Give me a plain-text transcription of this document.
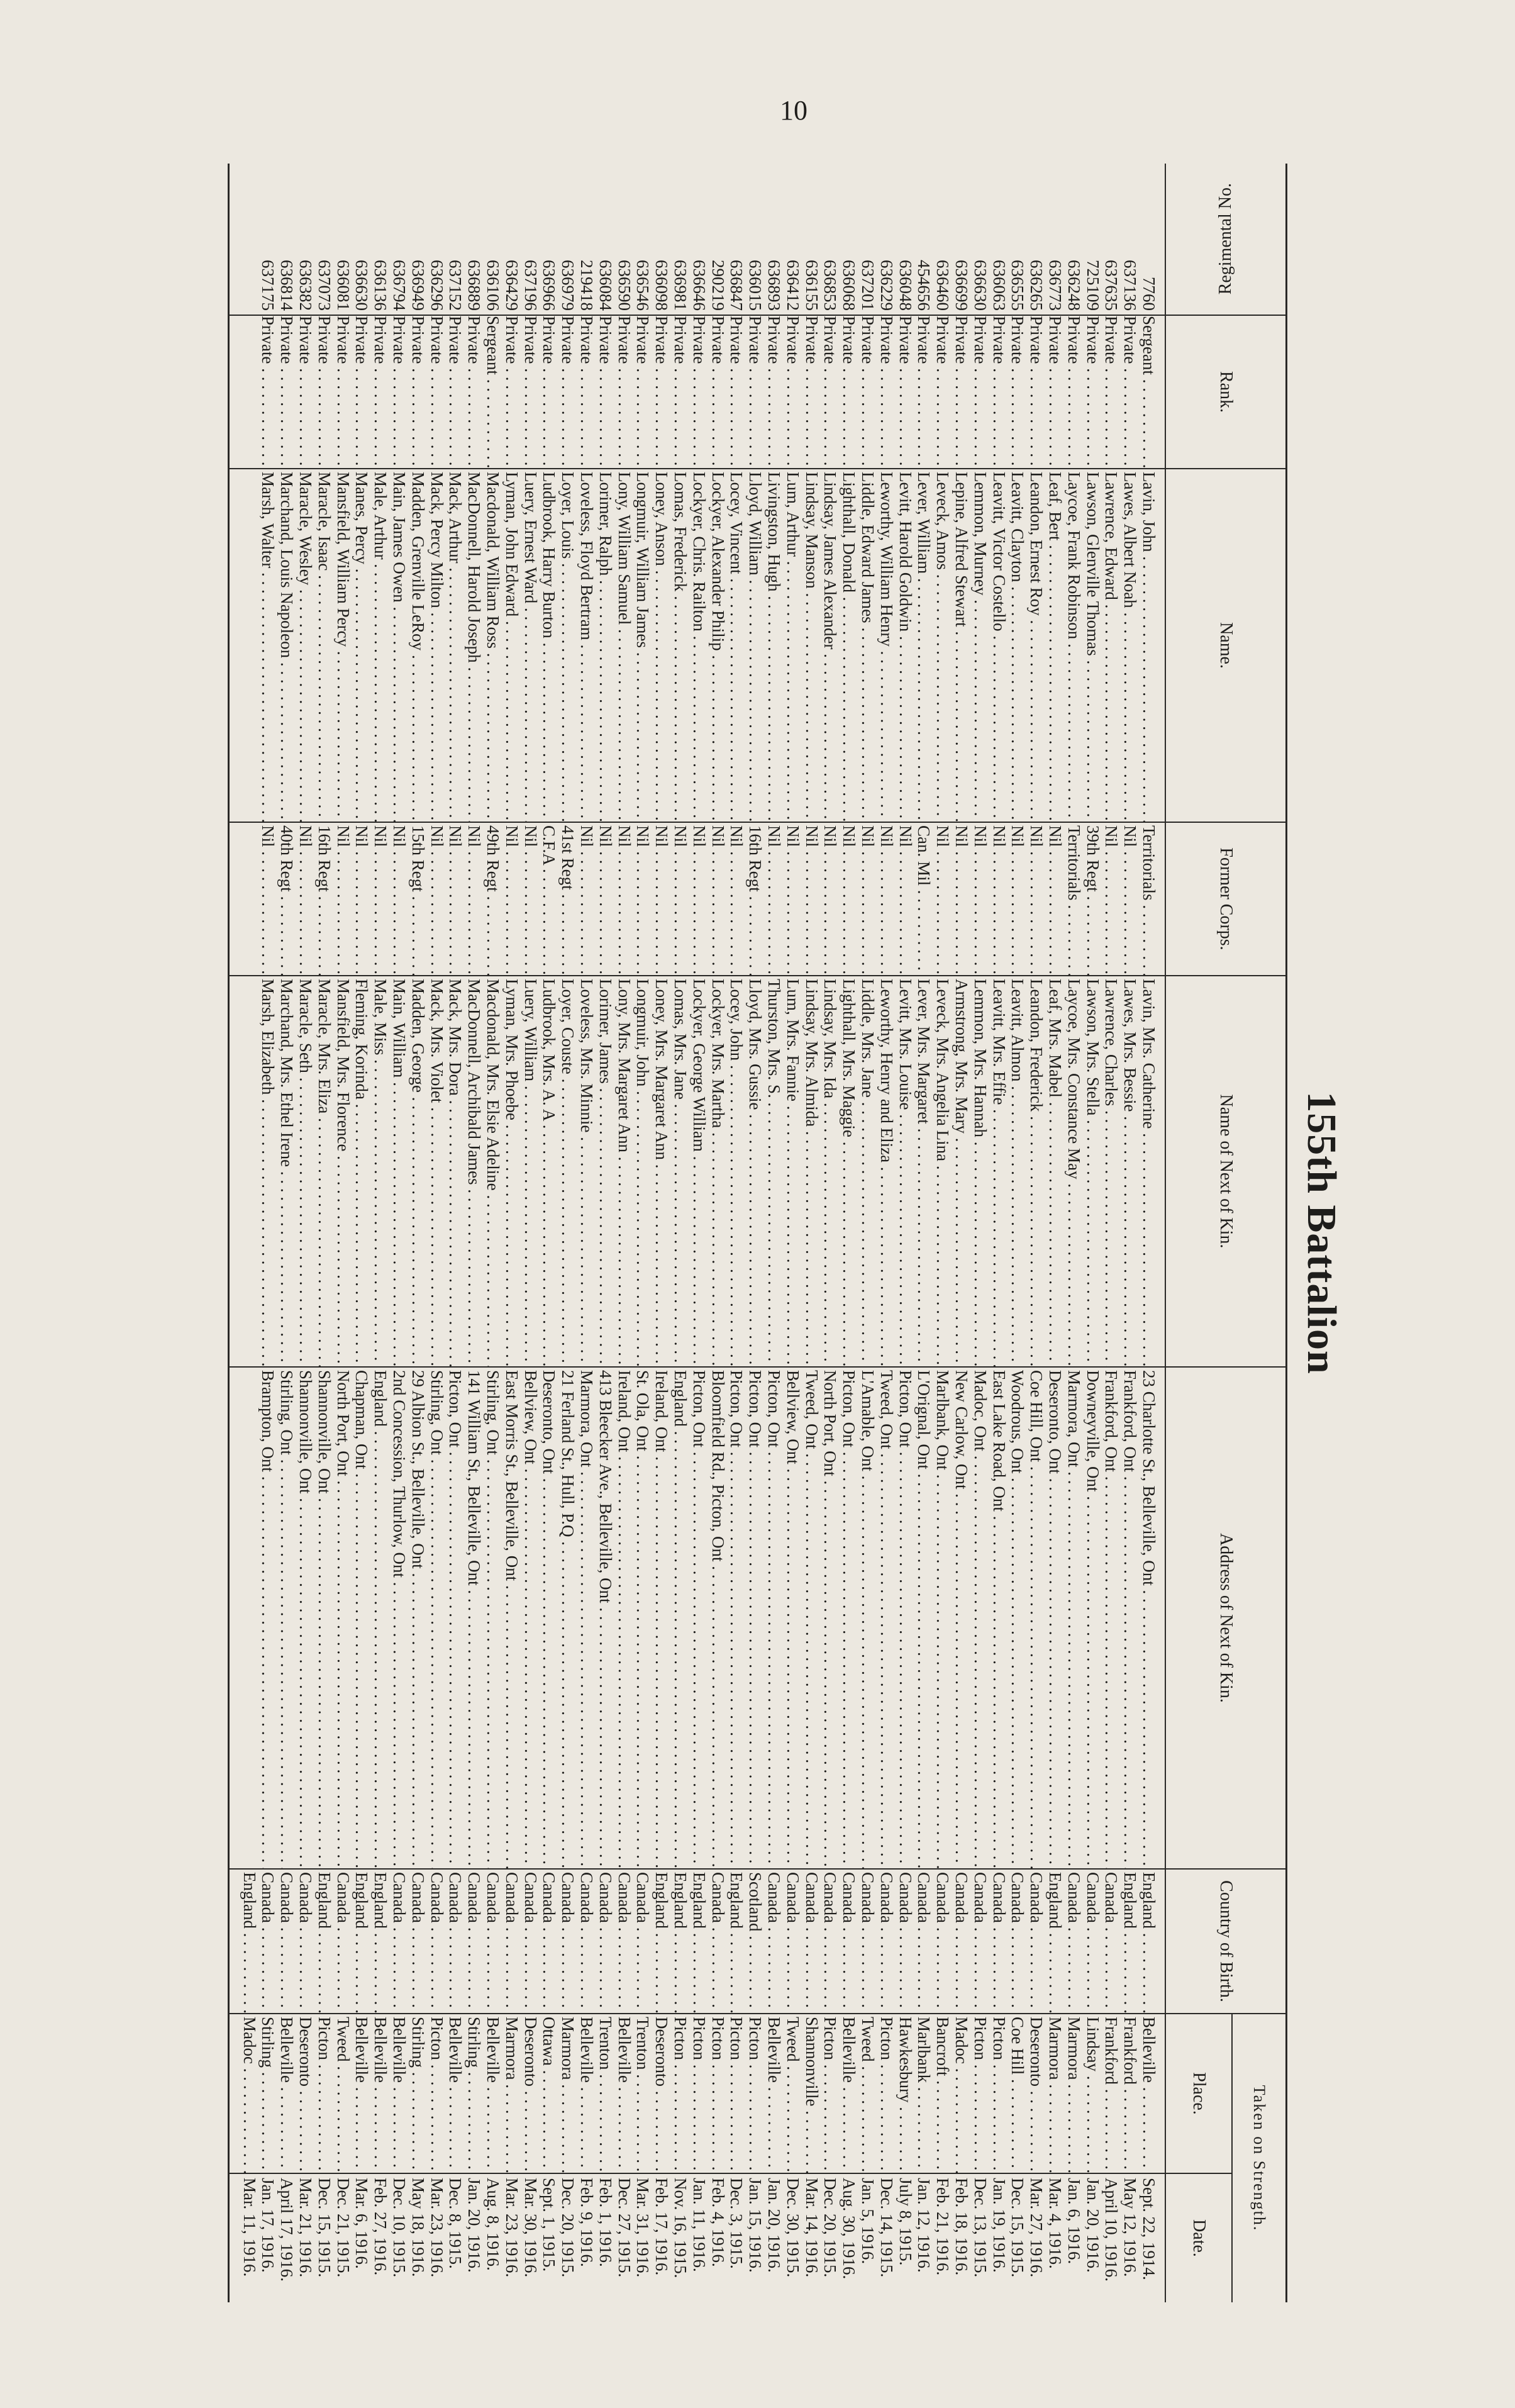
10
155th Battalion
Regimental No.
Rank.
Name.
Former Corps.
Name of Next of Kin.
Address of Next of Kin.
Country of Birth.
Taken on Strength.
Place.
Date.
7760
Sergeant . . .
Lavin, John . . .
Territorials . . .
Lavin, Mrs. Catherine . . .
23 Charlotte St., Belleville, Ont . . .
England . . .
Belleville . . .
Sept. 22, 1914.
637136
Private . . .
Lawes, Albert Noah . . .
Nil . . .
Lawes, Mrs. Bessie . . .
Frankford, Ont . . .
England . . .
Frankford . . .
May 12, 1916.
637635
Private . . .
Lawrence, Edward . . .
Nil . . .
Lawrence, Charles . . .
Frankford, Ont . . .
Canada . . .
Frankford . . .
April 10, 1916.
725109
Private . . .
Lawson, Glenville Thomas . . .
39th Regt . . .
Lawson, Mrs. Stella . . .
Downeyville, Ont . . .
Canada . . .
Lindsay . . .
Jan. 20, 1916.
636248
Private . . .
Laycoe, Frank Robinson . . .
Territorials . . .
Laycoe, Mrs. Constance May . . .
Marmora, Ont . . .
Canada . . .
Marmora . . .
Jan. 6, 1916.
636773
Private . . .
Leaf, Bert . . .
Nil . . .
Leaf, Mrs. Mabel . . .
Deseronto, Ont . . .
England . . .
Marmora . . .
Mar. 4, 1916.
636265
Private . . .
Leandon, Ernest Roy . . .
Nil . . .
Leandon, Frederick . . .
Coe Hill, Ont . . .
Canada . . .
Deseronto . . .
Mar. 27, 1916.
636555
Private . . .
Leavitt, Clayton . . .
Nil . . .
Leavitt, Almon . . .
Woodrous, Ont . . .
Canada . . .
Coe Hill . . .
Dec. 15, 1915.
636063
Private . . .
Leavitt, Victor Costello . . .
Nil . . .
Leavitt, Mrs. Effie . . .
East Lake Road, Ont . . .
Canada . . .
Picton . . .
Jan. 19, 1916.
636630
Private . . .
Lemmon, Murney . . .
Nil . . .
Lemmon, Mrs. Hannah . . .
Madoc, Ont . . .
Canada . . .
Picton . . .
Dec. 13, 1915.
636699
Private . . .
Lepine, Alfred Stewart . . .
Nil . . .
Armstrong, Mrs. Mary . . .
New Carlow, Ont . . .
Canada . . .
Madoc . . .
Feb. 18, 1916.
636460
Private . . .
Leveck, Amos . . .
Nil . . .
Leveck, Mrs. Angelia Lina . . .
Marlbank, Ont . . .
Canada . . .
Bancroft . . .
Feb. 21, 1916.
454656
Private . . .
Lever, William . . .
Can. Mil . . .
Lever, Mrs. Margaret . . .
L'Orignal, Ont . . .
Canada . . .
Marlbank . . .
Jan. 12, 1916.
636048
Private . . .
Levitt, Harold Goldwin . . .
Nil . . .
Levitt, Mrs. Louise . . .
Picton, Ont . . .
Canada . . .
Hawkesbury . . .
July 8, 1915.
636229
Private . . .
Leworthy, William Henry . . .
Nil . . .
Leworthy, Henry and Eliza . . .
Tweed, Ont . . .
Canada . . .
Picton . . .
Dec. 14, 1915.
637201
Private . . .
Liddle, Edward James . . .
Nil . . .
Liddle, Mrs. Jane . . .
L'Amable, Ont . . .
Canada . . .
Tweed . . .
Jan. 5, 1916.
636068
Private . . .
Lighthall, Donald . . .
Nil . . .
Lighthall, Mrs. Maggie . . .
Picton, Ont . . .
Canada . . .
Belleville . . .
Aug. 30, 1916.
636853
Private . . .
Lindsay, James Alexander . . .
Nil . . .
Lindsay, Mrs. Ida . . .
North Port, Ont . . .
Canada . . .
Picton . . .
Dec. 20, 1915.
636155
Private . . .
Lindsay, Manson . . .
Nil . . .
Lindsay, Mrs. Almida . . .
Tweed, Ont . . .
Canada . . .
Shannonville . . .
Mar. 14, 1916.
636412
Private . . .
Lum, Arthur . . .
Nil . . .
Lum, Mrs. Fannie . . .
Bellview, Ont . . .
Canada . . .
Tweed . . .
Dec. 30, 1915.
636893
Private . . .
Livingston, Hugh . . .
Nil . . .
Thurston, Mrs. S. . . .
Picton, Ont . . .
Canada . . .
Belleville . . .
Jan. 20, 1916.
636015
Private . . .
Lloyd, William . . .
16th Regt . . .
Lloyd, Mrs. Gussie . . .
Picton, Ont . . .
Scotland . . .
Picton . . .
Jan. 15, 1916.
636847
Private . . .
Locey, Vincent . . .
Nil . . .
Locey, John . . .
Picton, Ont . . .
England . . .
Picton . . .
Dec. 3, 1915.
290219
Private . . .
Lockyer, Alexander Philip . . .
Nil . . .
Lockyer, Mrs. Martha . . .
Bloomfield Rd., Picton, Ont . . .
Canada . . .
Picton . . .
Feb. 4, 1916.
636646
Private . . .
Lockyer, Chris. Railton . . .
Nil . . .
Lockyer, George William . . .
Picton, Ont . . .
England . . .
Picton . . .
Jan. 11, 1916.
636981
Private . . .
Lomas, Frederick . . .
Nil . . .
Lomas, Mrs. Jane . . .
England . . .
England . . .
Picton . . .
Nov. 16, 1915.
636098
Private . . .
Loney, Anson . . .
Nil . . .
Loney, Mrs. Margaret Ann . . .
Ireland, Ont . . .
England . . .
Deseronto . . .
Feb. 17, 1916.
636546
Private . . .
Longmuir, William James . . .
Nil . . .
Longmuir, John . . .
St. Ola, Ont . . .
Canada . . .
Trenton . . .
Mar. 31, 1916.
636590
Private . . .
Lony, William Samuel . . .
Nil . . .
Lony, Mrs. Margaret Ann . . .
Ireland, Ont . . .
Canada . . .
Belleville . . .
Dec. 27, 1915.
636084
Private . . .
Lorimer, Ralph . . .
Nil . . .
Lorimer, James . . .
413 Bleecker Ave., Belleville, Ont . . .
Canada . . .
Trenton . . .
Feb. 1, 1916.
219418
Private . . .
Loveless, Floyd Bertram . . .
Nil . . .
Loveless, Mrs. Minnie . . .
Marmora, Ont . . .
Canada . . .
Belleville . . .
Feb. 9, 1916.
636979
Private . . .
Loyer, Louis . . .
41st Regt . . .
Loyer, Couste . . .
21 Ferland St., Hull, P.Q . . .
Canada . . .
Marmora . . .
Dec. 20, 1915.
636966
Private . . .
Ludbrook, Harry Burton . . .
C.F.A . . .
Ludbrook, Mrs. A. A . . .
Deseronto, Ont . . .
Canada . . .
Ottawa . . .
Sept. 1, 1915.
637196
Private . . .
Luery, Ernest Ward . . .
Nil . . .
Luery, William . . .
Bellview, Ont . . .
Canada . . .
Deseronto . . .
Mar. 30, 1916.
636429
Private . . .
Lyman, John Edward . . .
Nil . . .
Lyman, Mrs. Phoebe . . .
East Morris St., Belleville, Ont . . .
Canada . . .
Marmora . . .
Mar. 23, 1916.
636106
Sergeant . . .
Macdonald, William Ross . . .
49th Regt . . .
Macdonald, Mrs. Elsie Adeline . . .
Stirling, Ont . . .
Canada . . .
Belleville . . .
Aug. 8, 1916.
636889
Private . . .
MacDonnell, Harold Joseph . . .
Nil . . .
MacDonnell, Archibald James . . .
141 William St., Belleville, Ont . . .
Canada . . .
Stirling . . .
Jan. 20, 1916.
637152
Private . . .
Mack, Arthur . . .
Nil . . .
Mack, Mrs. Dora . . .
Picton, Ont . . .
Canada . . .
Belleville . . .
Dec. 8, 1915.
636296
Private . . .
Mack, Percy Milton . . .
Nil . . .
Mack, Mrs. Violet . . .
Stirling, Ont . . .
Canada . . .
Picton . . .
Mar. 23, 1916.
636949
Private . . .
Madden, Grenville LeRoy . . .
15th Regt . . .
Madden, George . . .
29 Albion St., Belleville, Ont . . .
Canada . . .
Stirling . . .
May 18, 1916.
636794
Private . . .
Main, James Owen . . .
Nil . . .
Main, William . . .
2nd Concession, Thurlow, Ont . . .
Canada . . .
Belleville . . .
Dec. 10, 1915.
636136
Private . . .
Male, Arthur . . .
Nil . . .
Male, Miss . . .
England . . .
England . . .
Belleville . . .
Feb. 27, 1916.
636630
Private . . .
Manes, Percy . . .
Nil . . .
Fleming, Korinda . . .
Chapman, Ont . . .
England . . .
Belleville . . .
Mar. 6, 1916.
636081
Private . . .
Mansfield, William Percy . . .
Nil . . .
Mansfield, Mrs. Florence . . .
North Port, Ont . . .
Canada . . .
Tweed . . .
Dec. 21, 1915.
637073
Private . . .
Maracle, Isaac . . .
16th Regt . . .
Maracle, Mrs. Eliza . . .
Shannonville, Ont . . .
England . . .
Picton . . .
Dec. 15, 1915.
636382
Private . . .
Maracle, Wesley . . .
Nil . . .
Maracle, Seth . . .
Shannonville, Ont . . .
Canada . . .
Deseronto . . .
Mar. 21, 1916.
636814
Private . . .
Marchand, Louis Napoleon . . .
40th Regt . . .
Marchand, Mrs. Ethel Irene . . .
Stirling, Ont . . .
Canada . . .
Belleville . . .
April 17, 1916.
637175
Private . . .
Marsh, Walter . . .
Nil . . .
Marsh, Elizabeth . . .
Brampton, Ont . . .
Canada . . .
Stirling . . .
Jan. 17, 1916.
England . . .
Madoc . . .
Mar. 11, 1916.
